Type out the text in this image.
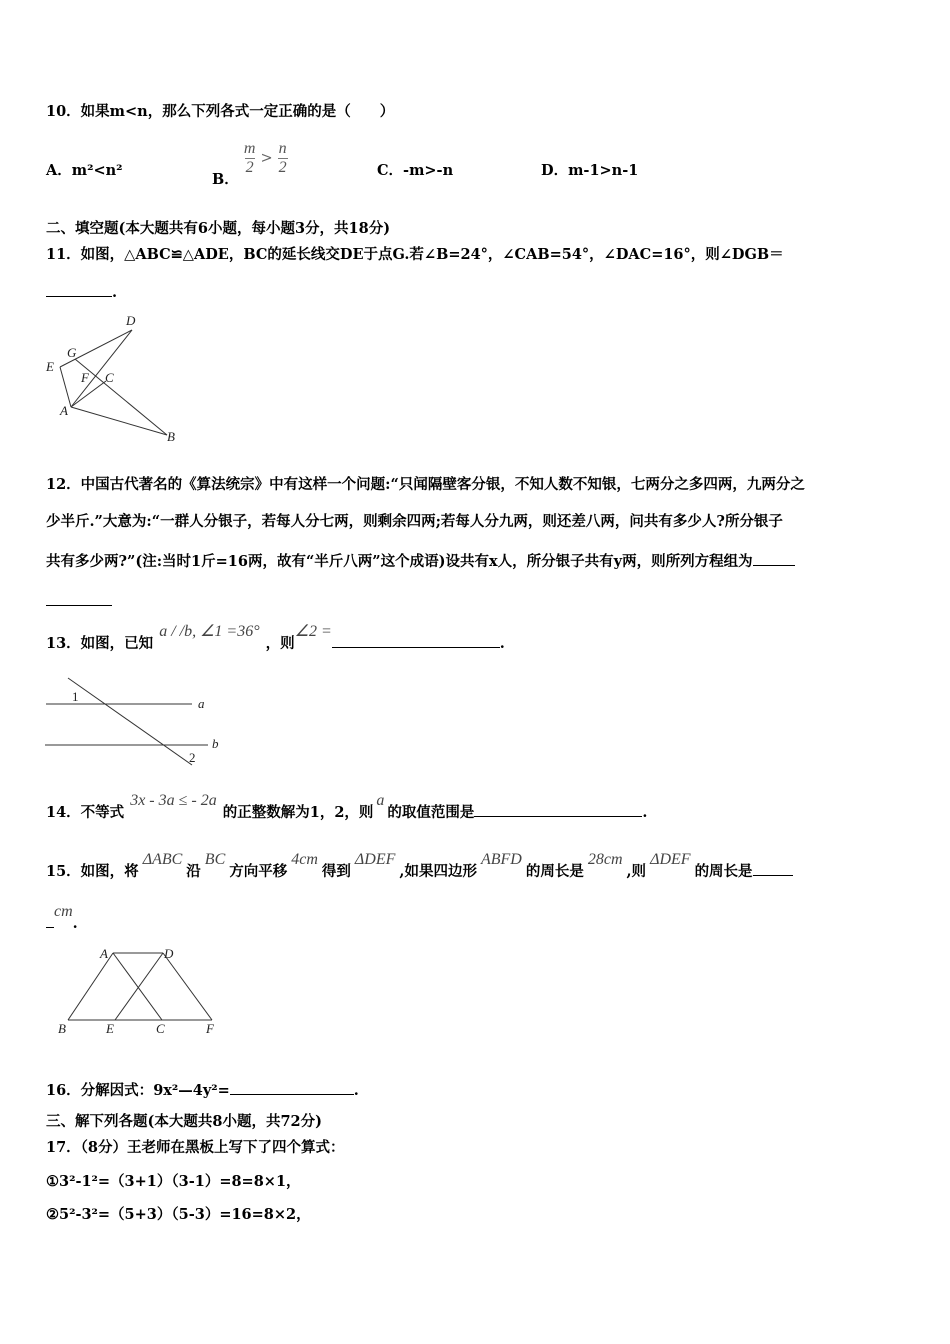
10．如果m<n，那么下列各式一定正确的是（　　）
A．m²<n²	B．
$\frac{m}{2} > \frac{n}{2}$	C．-m>-n	D．m-1>n-1
二、填空题(本大题共有6小题，每小题3分，共18分)
11．如图，△ABC≌△ADE，BC的延长线交DE于点G.若∠B=24°，∠CAB=54°，∠DAC=16°，则∠DGB＝
.
D
G
E
F C
A
B
12．中国古代著名的《算法统宗》中有这样一个问题:“只闻隔壁客分银，不知人数不知银，七两分之多四两，九两分之
少半斤.”大意为:“一群人分银子，若每人分七两，则剩余四两;若每人分九两，则还差八两，问共有多少人?所分银子
共有多少两?”(注:当时1斤=16两，故有“半斤八两”这个成语)设共有x人，所分银子共有y两，则所列方程组为
13．如图，已知a / /b, ∠1 =36°，则∠2 =.
1	a
b
2
14．不等式3x - 3a ≤ - 2a的正整数解为1，2，则a的取值范围是	.
15．如图，将ΔABC沿BC方向平移4cm得到ΔDEF,如果四边形ABFD的周长是28cm,则ΔDEF的周长是
cm.
A	D
B	E	C	F
16．分解因式：9x²—4y²=	.
三、解下列各题(本大题共8小题，共72分)
17．（8分）王老师在黑板上写下了四个算式：
①3²-1²=（3+1）（3-1）=8=8×1，
②5²-3²=（5+3）（5-3）=16=8×2，
